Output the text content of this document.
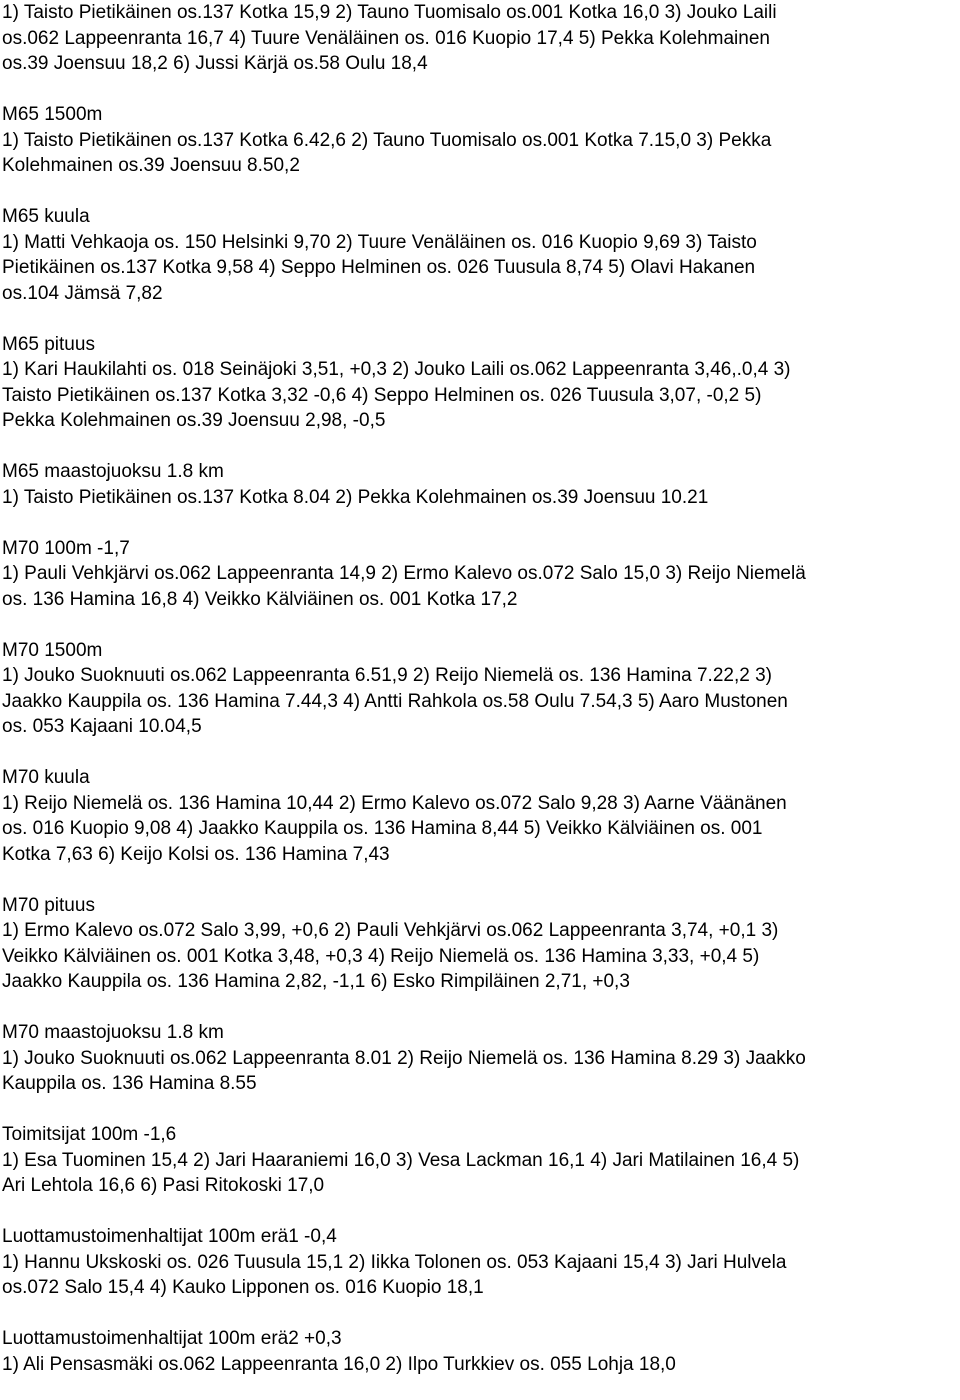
1) Taisto Pietikäinen os.137 Kotka 15,9 2) Tauno Tuomisalo os.001 Kotka 16,0 3) Jouko Laili
os.062 Lappeenranta 16,7 4) Tuure Venäläinen os. 016 Kuopio 17,4 5) Pekka Kolehmainen
os.39 Joensuu 18,2 6) Jussi Kärjä os.58 Oulu 18,4
M65 1500m
1) Taisto Pietikäinen os.137 Kotka 6.42,6 2) Tauno Tuomisalo os.001 Kotka 7.15,0 3) Pekka
Kolehmainen os.39 Joensuu 8.50,2
M65 kuula
1) Matti Vehkaoja os. 150 Helsinki 9,70 2) Tuure Venäläinen os. 016 Kuopio 9,69 3) Taisto
Pietikäinen os.137 Kotka 9,58 4) Seppo Helminen os. 026 Tuusula 8,74 5) Olavi Hakanen
os.104 Jämsä 7,82
M65 pituus
1) Kari Haukilahti os. 018 Seinäjoki 3,51, +0,3 2) Jouko Laili os.062 Lappeenranta 3,46,.0,4 3)
Taisto Pietikäinen os.137 Kotka 3,32 -0,6 4) Seppo Helminen os. 026 Tuusula 3,07, -0,2 5)
Pekka Kolehmainen os.39 Joensuu 2,98, -0,5
M65 maastojuoksu 1.8 km
1) Taisto Pietikäinen os.137 Kotka 8.04 2) Pekka Kolehmainen os.39 Joensuu 10.21
M70 100m -1,7
1) Pauli Vehkjärvi os.062 Lappeenranta 14,9 2) Ermo Kalevo os.072 Salo 15,0 3) Reijo Niemelä
os. 136 Hamina 16,8 4) Veikko Kälviäinen os. 001 Kotka 17,2
M70 1500m
1) Jouko Suoknuuti os.062 Lappeenranta 6.51,9 2) Reijo Niemelä os. 136 Hamina 7.22,2 3)
Jaakko Kauppila os. 136 Hamina 7.44,3 4) Antti Rahkola os.58 Oulu 7.54,3 5) Aaro Mustonen
os. 053 Kajaani 10.04,5
M70 kuula
1) Reijo Niemelä os. 136 Hamina 10,44 2) Ermo Kalevo os.072 Salo 9,28 3) Aarne Väänänen
os. 016 Kuopio 9,08 4) Jaakko Kauppila os. 136 Hamina 8,44 5) Veikko Kälviäinen os. 001
Kotka 7,63 6) Keijo Kolsi os. 136 Hamina 7,43
M70 pituus
1) Ermo Kalevo os.072 Salo 3,99, +0,6 2) Pauli Vehkjärvi os.062 Lappeenranta 3,74, +0,1 3)
Veikko Kälviäinen os. 001 Kotka 3,48, +0,3 4) Reijo Niemelä os. 136 Hamina 3,33, +0,4 5)
Jaakko Kauppila os. 136 Hamina 2,82, -1,1 6) Esko Rimpiläinen 2,71, +0,3
M70 maastojuoksu 1.8 km
1) Jouko Suoknuuti os.062 Lappeenranta 8.01 2) Reijo Niemelä os. 136 Hamina 8.29 3) Jaakko
Kauppila os. 136 Hamina 8.55
Toimitsijat 100m -1,6
1) Esa Tuominen 15,4 2) Jari Haaraniemi 16,0 3) Vesa Lackman 16,1 4) Jari Matilainen 16,4 5)
Ari Lehtola 16,6 6) Pasi Ritokoski 17,0
Luottamustoimenhaltijat 100m erä1 -0,4
1) Hannu Ukskoski os. 026 Tuusula 15,1 2) Iikka Tolonen os. 053 Kajaani 15,4 3) Jari Hulvela
os.072 Salo 15,4 4) Kauko Lipponen os. 016 Kuopio 18,1
Luottamustoimenhaltijat 100m erä2 +0,3
1) Ali Pensasmäki os.062 Lappeenranta 16,0 2) Ilpo Turkkiev os. 055 Lohja 18,0
